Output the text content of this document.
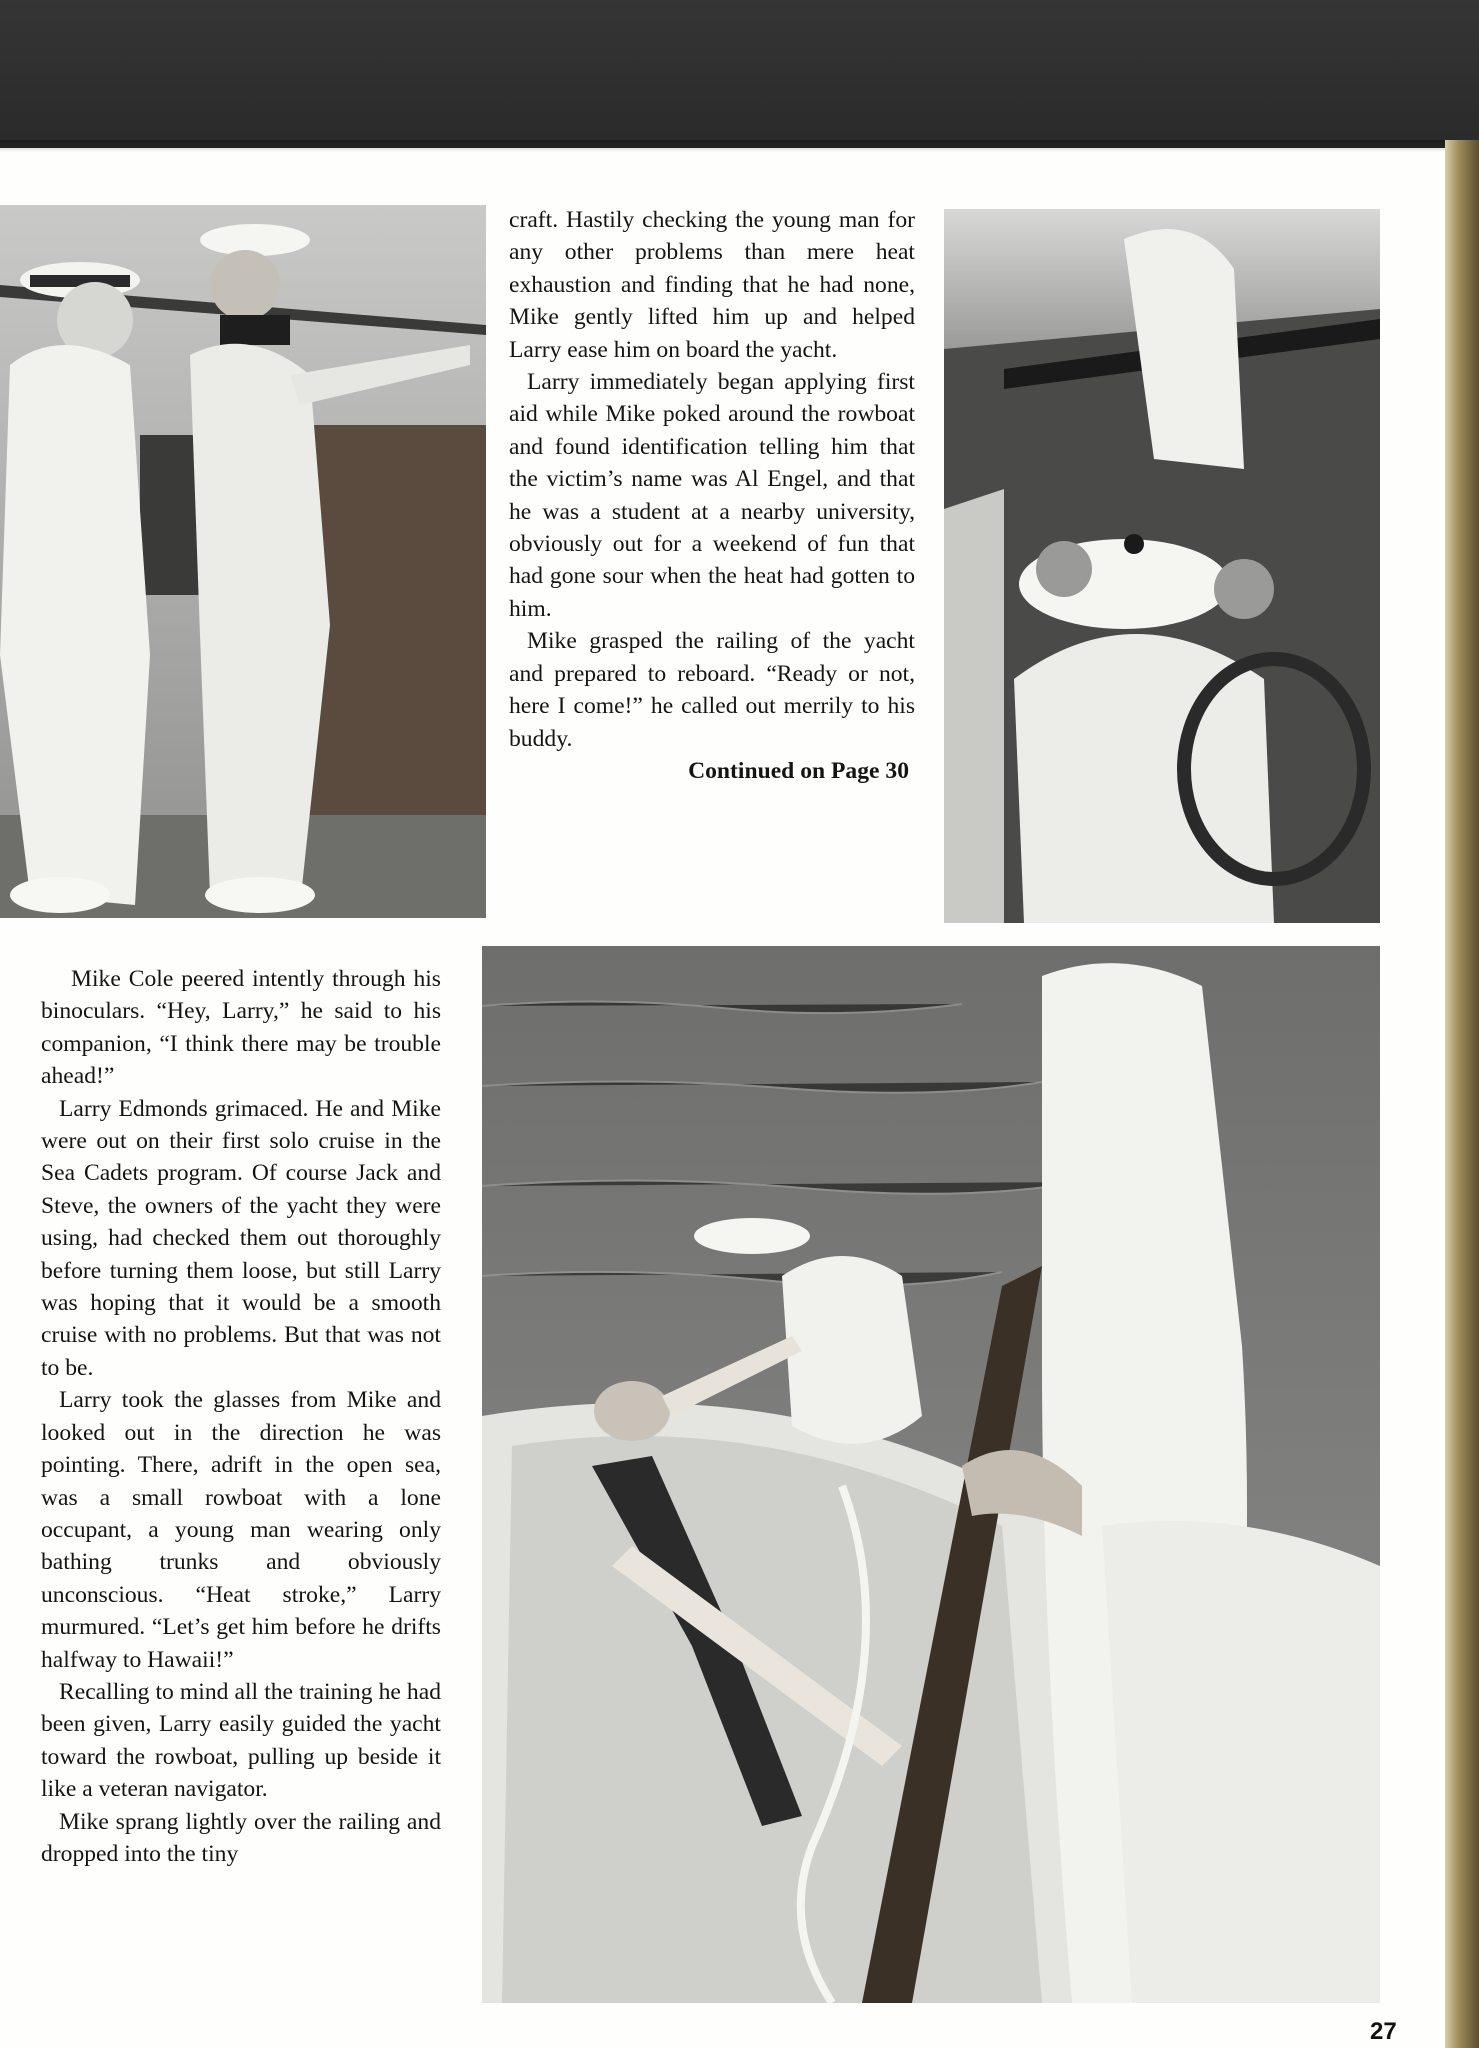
craft. Hastily checking the young man for any other problems than mere heat exhaustion and finding that he had none, Mike gently lifted him up and helped Larry ease him on board the yacht.

Larry immediately began applying first aid while Mike poked around the rowboat and found identification telling him that the victim’s name was Al Engel, and that he was a student at a nearby university, obviously out for a weekend of fun that had gone sour when the heat had gotten to him.

Mike grasped the railing of the yacht and prepared to reboard. “Ready or not, here I come!” he called out merrily to his buddy.

Continued on Page 30

Mike Cole peered intently through his binoculars. “Hey, Larry,” he said to his companion, “I think there may be trouble ahead!”

Larry Edmonds grimaced. He and Mike were out on their first solo cruise in the Sea Cadets program. Of course Jack and Steve, the owners of the yacht they were using, had checked them out thoroughly before turning them loose, but still Larry was hoping that it would be a smooth cruise with no problems. But that was not to be.

Larry took the glasses from Mike and looked out in the direction he was pointing. There, adrift in the open sea, was a small rowboat with a lone occupant, a young man wearing only bathing trunks and obviously unconscious. “Heat stroke,” Larry murmured. “Let’s get him before he drifts halfway to Hawaii!”

Recalling to mind all the training he had been given, Larry easily guided the yacht toward the rowboat, pulling up beside it like a veteran navigator.

Mike sprang lightly over the railing and dropped into the tiny

27
